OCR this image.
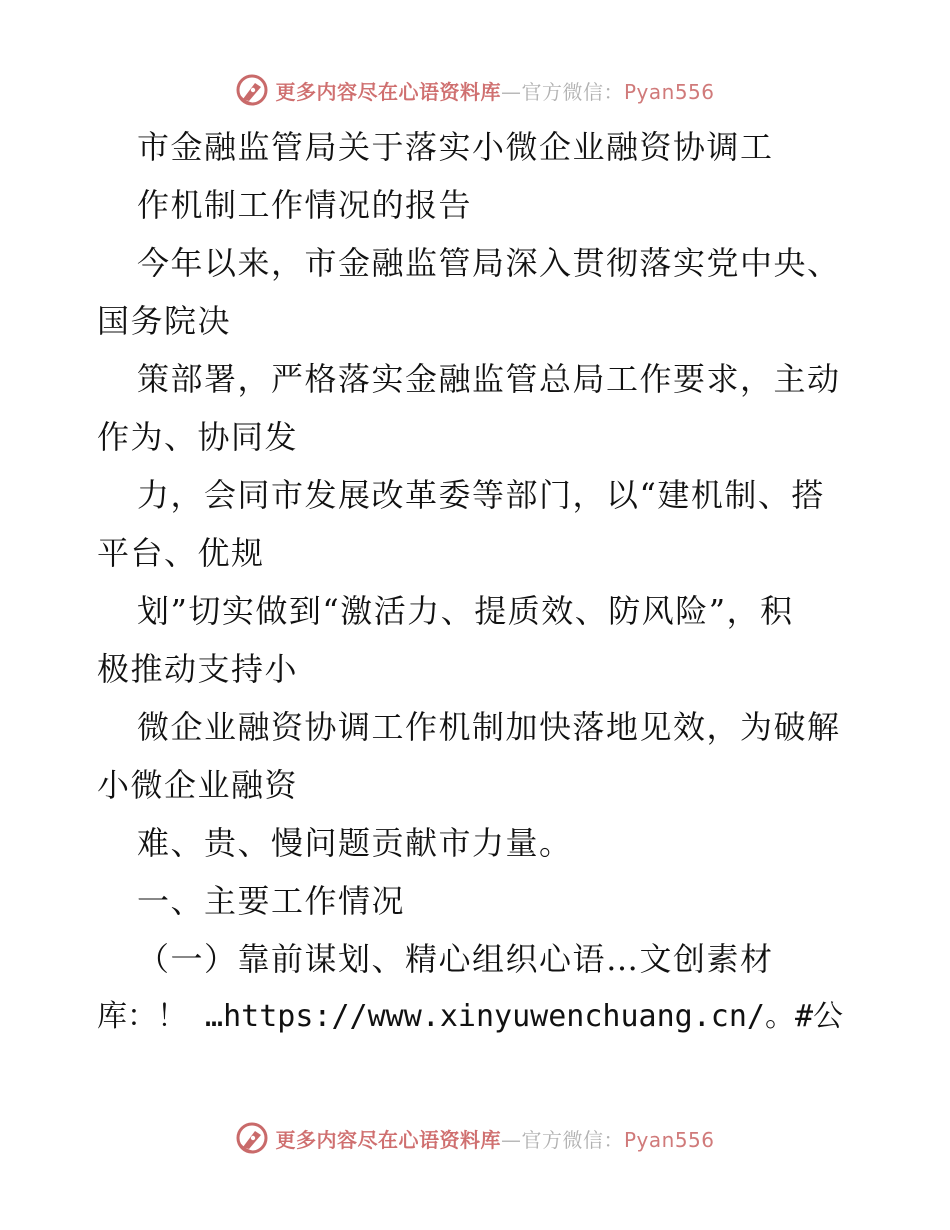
更多内容尽在心语资料库—官方微信：Pyan556
市金融监管局关于落实小微企业融资协调工
作机制工作情况的报告
今年以来，市金融监管局深入贯彻落实党中央、
国务院决
策部署，严格落实金融监管总局工作要求，主动
作为、协同发
力，会同市发展改革委等部门，以“建机制、搭
平台、优规
划”切实做到“激活力、提质效、防风险”，积
极推动支持小
微企业融资协调工作机制加快落地见效，为破解
小微企业融资
难、贵、慢问题贡献市力量。
一、主要工作情况
（一）靠前谋划、精心组织心语…文创素材
库：！ …https://www.xinyuwenchuang.cn/。#公
更多内容尽在心语资料库—官方微信：Pyan556
